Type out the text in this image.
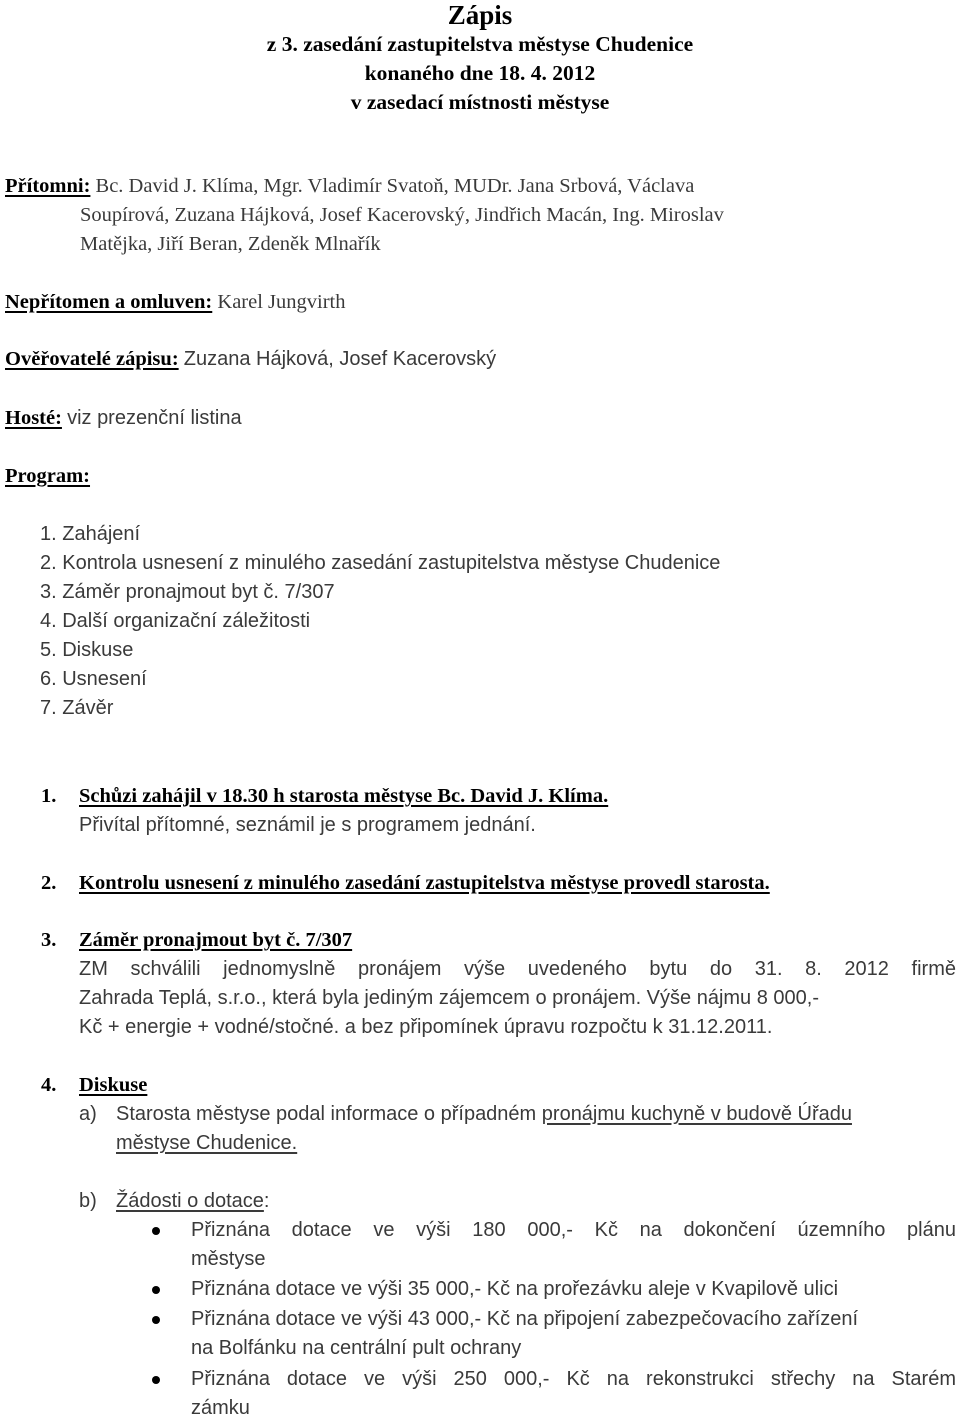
Zápis
z 3. zasedání zastupitelstva městyse Chudenice
konaného dne 18. 4. 2012
v zasedací místnosti městyse
Přítomni: Bc. David J. Klíma, Mgr. Vladimír Svatoň, MUDr. Jana Srbová, Václava
Soupírová, Zuzana Hájková, Josef Kacerovský, Jindřich Macán, Ing. Miroslav
Matějka, Jiří Beran, Zdeněk Mlnařík
Nepřítomen a omluven: Karel Jungvirth
Ověřovatelé zápisu: Zuzana Hájková, Josef Kacerovský
Hosté: viz prezenční listina
Program:
1. Zahájení
2. Kontrola usnesení z minulého zasedání zastupitelstva městyse Chudenice
3. Záměr pronajmout byt č. 7/307
4. Další organizační záležitosti
5. Diskuse
6. Usnesení
7. Závěr
1. Schůzi zahájil v 18.30 h starosta městyse Bc. David J. Klíma.
Přivítal přítomné, seznámil je s programem jednání.
2. Kontrolu usnesení z minulého zasedání zastupitelstva městyse provedl starosta.
3. Záměr pronajmout byt č. 7/307
ZM schválili jednomyslně pronájem výše uvedeného bytu do 31. 8. 2012 firmě
Zahrada Teplá, s.r.o., která byla jediným zájemcem o pronájem. Výše nájmu 8 000,-
Kč + energie + vodné/stočné. a bez připomínek úpravu rozpočtu k 31.12.2011.
4. Diskuse
a) Starosta městyse podal informace o případném pronájmu kuchyně v budově Úřadu
městyse Chudenice.
b) Žádosti o dotace:
Přiznána dotace ve výši 180 000,- Kč na dokončení územního plánu
městyse
Přiznána dotace ve výši 35 000,- Kč na prořezávku aleje v Kvapilově ulici
Přiznána dotace ve výši 43 000,- Kč na připojení zabezpečovacího zařízení
na Bolfánku na centrální pult ochrany
Přiznána dotace ve výši 250 000,- Kč na rekonstrukci střechy na Starém
zámku
